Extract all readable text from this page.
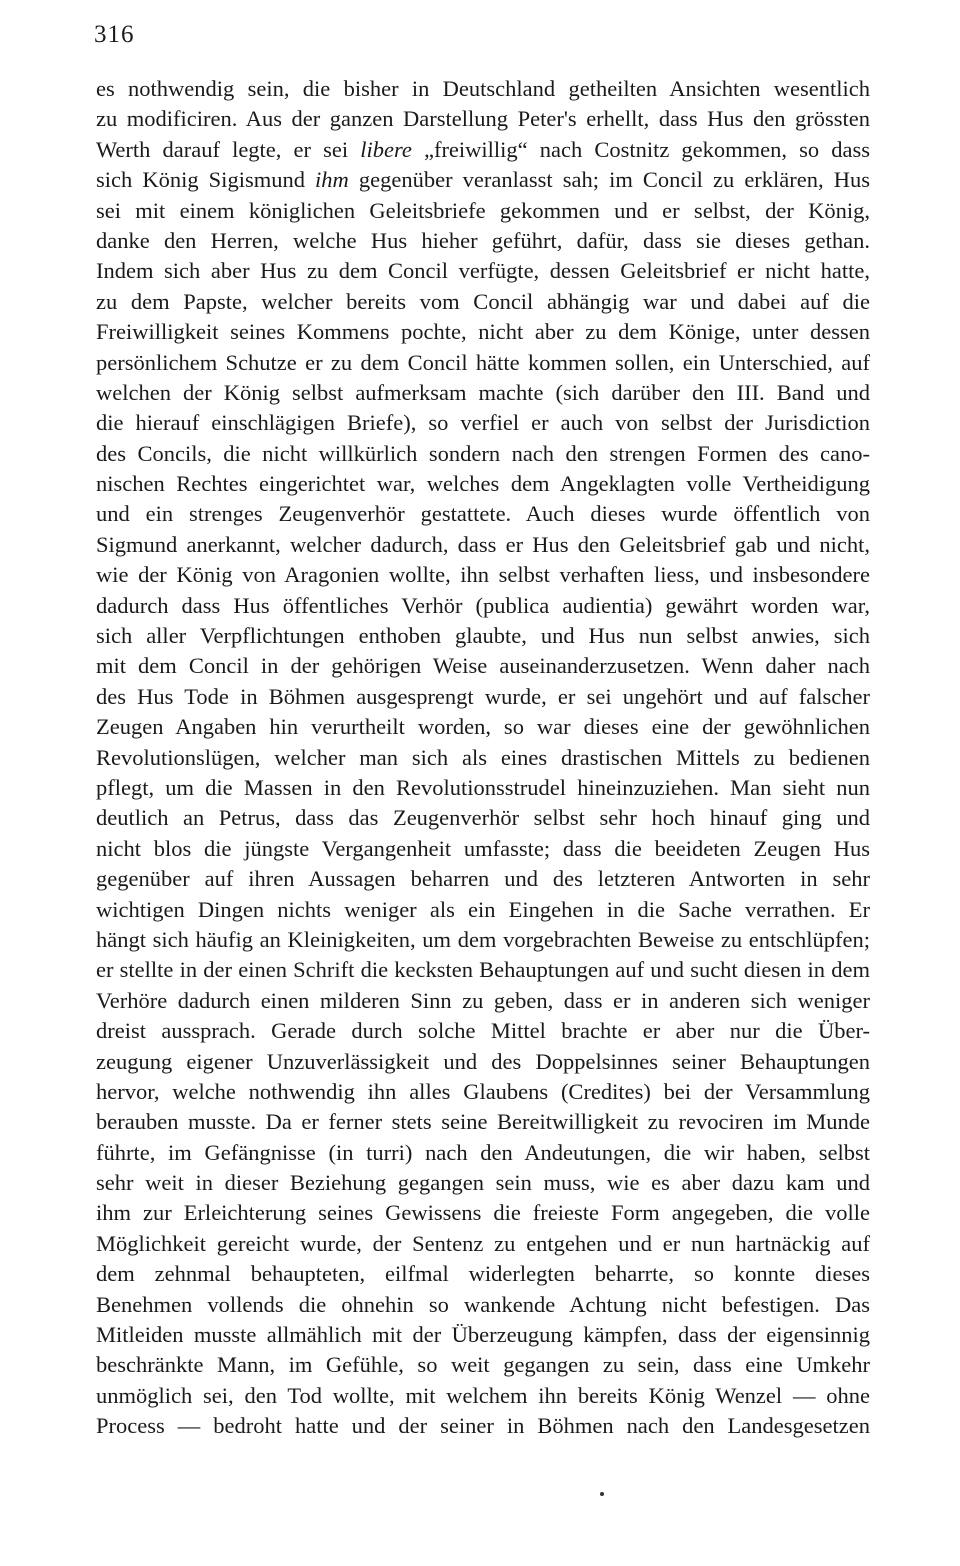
316
es nothwendig sein, die bisher in Deutschland getheilten Ansichten wesentlich
zu modificiren. Aus der ganzen Darstellung Peter's erhellt, dass Hus den grössten
Werth darauf legte, er sei libere „freiwillig“ nach Costnitz gekommen, so dass
sich König Sigismund ihm gegenüber veranlasst sah; im Concil zu erklären, Hus
sei mit einem königlichen Geleitsbriefe gekommen und er selbst, der König,
danke den Herren, welche Hus hieher geführt, dafür, dass sie dieses gethan.
Indem sich aber Hus zu dem Concil verfügte, dessen Geleitsbrief er nicht hatte,
zu dem Papste, welcher bereits vom Concil abhängig war und dabei auf die
Freiwilligkeit seines Kommens pochte, nicht aber zu dem Könige, unter dessen
persönlichem Schutze er zu dem Concil hätte kommen sollen, ein Unterschied, auf
welchen der König selbst aufmerksam machte (sich darüber den III. Band und
die hierauf einschlägigen Briefe), so verfiel er auch von selbst der Jurisdiction
des Concils, die nicht willkürlich sondern nach den strengen Formen des cano-
nischen Rechtes eingerichtet war, welches dem Angeklagten volle Vertheidigung
und ein strenges Zeugenverhör gestattete. Auch dieses wurde öffentlich von
Sigmund anerkannt, welcher dadurch, dass er Hus den Geleitsbrief gab und nicht,
wie der König von Aragonien wollte, ihn selbst verhaften liess, und insbesondere
dadurch dass Hus öffentliches Verhör (publica audientia) gewährt worden war,
sich aller Verpflichtungen enthoben glaubte, und Hus nun selbst anwies, sich
mit dem Concil in der gehörigen Weise auseinanderzusetzen. Wenn daher nach
des Hus Tode in Böhmen ausgesprengt wurde, er sei ungehört und auf falscher
Zeugen Angaben hin verurtheilt worden, so war dieses eine der gewöhnlichen
Revolutionslügen, welcher man sich als eines drastischen Mittels zu bedienen
pflegt, um die Massen in den Revolutionsstrudel hineinzuziehen. Man sieht nun
deutlich an Petrus, dass das Zeugenverhör selbst sehr hoch hinauf ging und
nicht blos die jüngste Vergangenheit umfasste; dass die beeideten Zeugen Hus
gegenüber auf ihren Aussagen beharren und des letzteren Antworten in sehr
wichtigen Dingen nichts weniger als ein Eingehen in die Sache verrathen. Er
hängt sich häufig an Kleinigkeiten, um dem vorgebrachten Beweise zu entschlüpfen;
er stellte in der einen Schrift die kecksten Behauptungen auf und sucht diesen in dem
Verhöre dadurch einen milderen Sinn zu geben, dass er in anderen sich weniger
dreist aussprach. Gerade durch solche Mittel brachte er aber nur die Über-
zeugung eigener Unzuverlässigkeit und des Doppelsinnes seiner Behauptungen
hervor, welche nothwendig ihn alles Glaubens (Credites) bei der Versammlung
berauben musste. Da er ferner stets seine Bereitwilligkeit zu revociren im Munde
führte, im Gefängnisse (in turri) nach den Andeutungen, die wir haben, selbst
sehr weit in dieser Beziehung gegangen sein muss, wie es aber dazu kam und
ihm zur Erleichterung seines Gewissens die freieste Form angegeben, die volle
Möglichkeit gereicht wurde, der Sentenz zu entgehen und er nun hartnäckig auf
dem zehnmal behaupteten, eilfmal widerlegten beharrte, so konnte dieses
Benehmen vollends die ohnehin so wankende Achtung nicht befestigen. Das
Mitleiden musste allmählich mit der Überzeugung kämpfen, dass der eigensinnig
beschränkte Mann, im Gefühle, so weit gegangen zu sein, dass eine Umkehr
unmöglich sei, den Tod wollte, mit welchem ihn bereits König Wenzel — ohne
Process — bedroht hatte und der seiner in Böhmen nach den Landesgesetzen
